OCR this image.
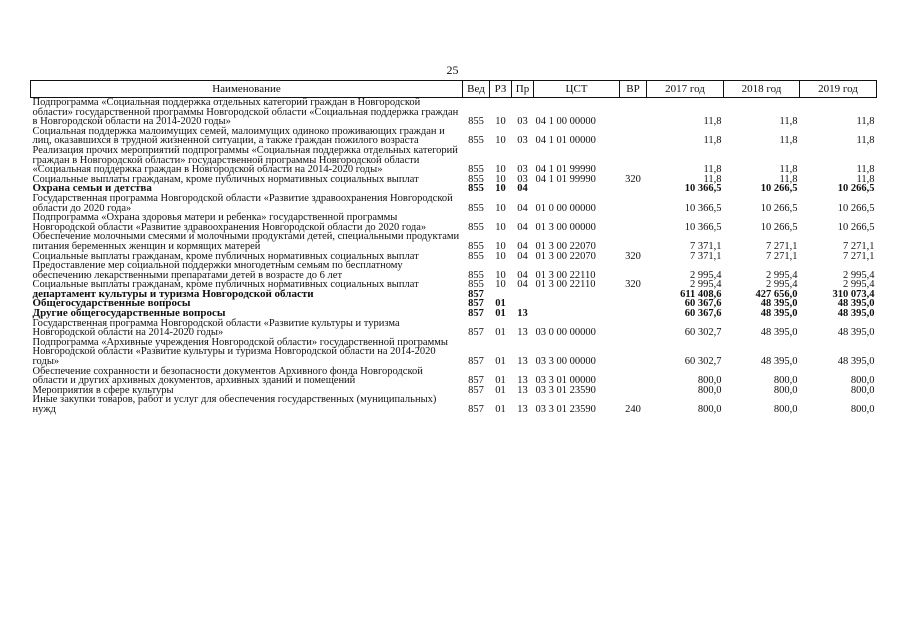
25
Наименование	Вед	РЗ	Пр	ЦСТ	ВР	2017 год	2018 год	2019 год
Подпрограмма «Социальная поддержка отдельных категорий граждан в Новгородской области» государственной программы Новгородской области «Социальная поддержка граждан в Новгородской области на 2014-2020 годы»	855	10	03	04 1 00 00000		11,8	11,8	11,8
Социальная поддержка малоимущих семей, малоимущих одиноко проживающих граждан и лиц, оказавшихся в трудной жизненной ситуации, а также граждан пожилого возраста	855	10	03	04 1 01 00000		11,8	11,8	11,8
Реализация прочих мероприятий подпрограммы «Социальная поддержка отдельных категорий граждан в Новгородской области» государственной программы Новгородской области «Социальная поддержка граждан в Новгородской области на 2014-2020 годы»	855	10	03	04 1 01 99990		11,8	11,8	11,8
Социальные выплаты гражданам, кроме публичных нормативных социальных выплат	855	10	03	04 1 01 99990	320	11,8	11,8	11,8
Охрана семьи и детства	855	10	04			10 366,5	10 266,5	10 266,5
Государственная программа Новгородской области «Развитие здравоохранения Новгородской области до 2020 года»	855	10	04	01 0 00 00000		10 366,5	10 266,5	10 266,5
Подпрограмма «Охрана здоровья матери и ребенка» государственной программы Новгородской области «Развитие здравоохранения Новгородской области до 2020 года»	855	10	04	01 3 00 00000		10 366,5	10 266,5	10 266,5
Обеспечение молочными смесями и молочными продуктами детей, специальными продуктами питания беременных женщин и кормящих матерей	855	10	04	01 3 00 22070		7 371,1	7 271,1	7 271,1
Социальные выплаты гражданам, кроме публичных нормативных социальных выплат	855	10	04	01 3 00 22070	320	7 371,1	7 271,1	7 271,1
Предоставление мер социальной поддержки многодетным семьям по бесплатному обеспечению лекарственными препаратами детей в возрасте до 6 лет	855	10	04	01 3 00 22110		2 995,4	2 995,4	2 995,4
Социальные выплаты гражданам, кроме публичных нормативных социальных выплат	855	10	04	01 3 00 22110	320	2 995,4	2 995,4	2 995,4
департамент культуры и туризма Новгородской области	857					611 408,6	427 656,0	310 073,4
Общегосударственные вопросы	857	01				60 367,6	48 395,0	48 395,0
Другие общегосударственные вопросы	857	01	13			60 367,6	48 395,0	48 395,0
Государственная программа Новгородской области «Развитие культуры и туризма Новгородской области на 2014-2020 годы»	857	01	13	03 0 00 00000		60 302,7	48 395,0	48 395,0
Подпрограмма «Архивные учреждения Новгородской области» государственной программы Новгородской области «Развитие культуры и туризма Новгородской области на 2014-2020 годы»	857	01	13	03 3 00 00000		60 302,7	48 395,0	48 395,0
Обеспечение сохранности и безопасности документов Архивного фонда Новгородской области и других архивных документов, архивных зданий и помещений	857	01	13	03 3 01 00000		800,0	800,0	800,0
Мероприятия в сфере культуры	857	01	13	03 3 01 23590		800,0	800,0	800,0
Иные закупки товаров, работ и услуг для обеспечения государственных (муниципальных) нужд	857	01	13	03 3 01 23590	240	800,0	800,0	800,0
